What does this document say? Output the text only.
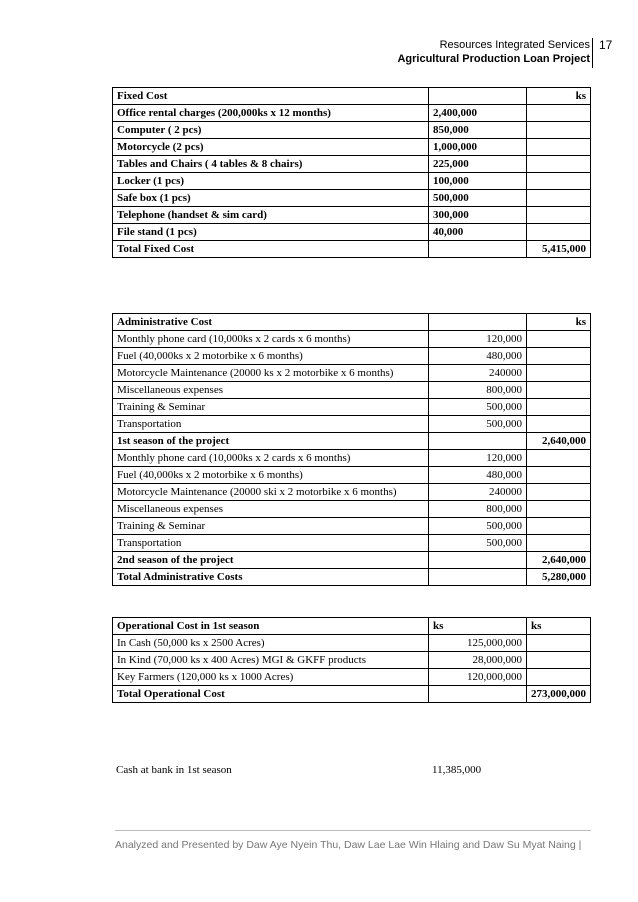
Resources Integrated Services
Agricultural Production Loan Project
17
Fixed Cost		ks
Office rental charges (200,000ks x 12 months)	2,400,000	
Computer ( 2 pcs)	850,000	
Motorcycle (2 pcs)	1,000,000	
Tables and Chairs ( 4 tables & 8 chairs)	225,000	
Locker (1 pcs)	100,000	
Safe box (1 pcs)	500,000	
Telephone (handset & sim card)	300,000	
File stand (1 pcs)	40,000	
Total Fixed Cost		5,415,000
Administrative Cost		ks
Monthly phone card (10,000ks x 2 cards x 6 months)	120,000	
Fuel (40,000ks x 2 motorbike x 6 months)	480,000	
Motorcycle Maintenance (20000 ks x 2 motorbike x 6 months)	240000	
Miscellaneous expenses	800,000	
Training & Seminar	500,000	
Transportation	500,000	
1st season of the project		2,640,000
Monthly phone card (10,000ks x 2 cards x 6 months)	120,000	
Fuel (40,000ks x 2 motorbike x 6 months)	480,000	
Motorcycle Maintenance (20000 ski x 2 motorbike x 6 months)	240000	
Miscellaneous expenses	800,000	
Training & Seminar	500,000	
Transportation	500,000	
2nd season of the project		2,640,000
Total Administrative Costs		5,280,000
Operational Cost in 1st season	ks	ks
In Cash (50,000 ks x 2500 Acres)	125,000,000	
In Kind (70,000 ks x 400 Acres) MGI & GKFF products	28,000,000	
Key Farmers (120,000 ks x 1000 Acres)	120,000,000	
Total Operational Cost		273,000,000
Cash at bank in 1st season	11,385,000
Analyzed and Presented by Daw Aye Nyein Thu, Daw Lae Lae Win Hlaing and Daw Su Myat Naing |
